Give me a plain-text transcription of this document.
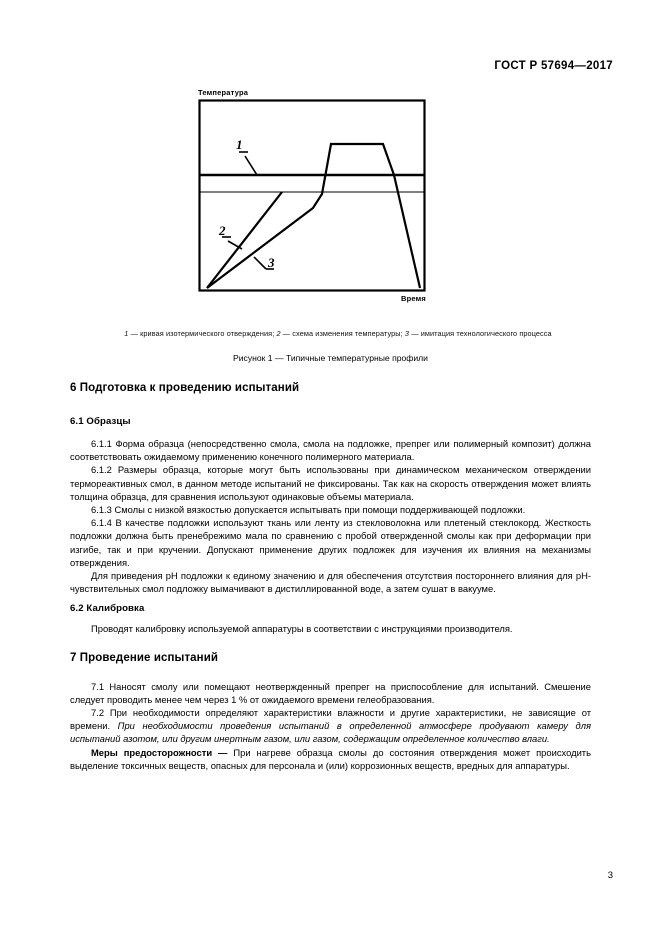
ГОСТ Р 57694—2017
Температура
1
2
3
Время
1 — кривая изотермического отверждения; 2 — схема изменения температуры; 3 — имитация технологического процесса
Рисунок 1 — Типичные температурные профили
6 Подготовка к проведению испытаний
6.1 Образцы

6.1.1 Форма образца (непосредственно смола, смола на подложке, препрег или полимерный композит) должна соответствовать ожидаемому применению конечного полимерного материала.

6.1.2 Размеры образца, которые могут быть использованы при динамическом механическом отверждении термореактивных смол, в данном методе испытаний не фиксированы. Так как на скорость отверждения может влиять толщина образца, для сравнения используют одинаковые объемы материала.

6.1.3 Смолы с низкой вязкостью допускается испытывать при помощи поддерживающей подложки.

6.1.4 В качестве подложки используют ткань или ленту из стекловолокна или плетеный стеклокорд. Жесткость подложки должна быть пренебрежимо мала по сравнению с пробой отвержденной смолы как при деформации при изгибе, так и при кручении. Допускают применение других подложек для изучения их влияния на механизмы отверждения.

Для приведения рН подложки к единому значению и для обеспечения отсутствия постороннего влияния для рН-чувствительных смол подложку вымачивают в дистиллированной воде, а затем сушат в вакууме.

6.2 Калибровка

Проводят калибровку используемой аппаратуры в соответствии с инструкциями производителя.

7 Проведение испытаний

7.1 Наносят смолу или помещают неотвержденный препрег на приспособление для испытаний. Смешение следует проводить менее чем через 1 % от ожидаемого времени гелеобразования.

7.2 При необходимости определяют характеристики влажности и другие характеристики, не зависящие от времени. При необходимости проведения испытаний в определенной атмосфере продувают камеру для испытаний азотом, или другим инертным газом, или газом, содержащим определенное количество влаги.

Меры предосторожности — При нагреве образца смолы до состояния отверждения может происходить выделение токсичных веществ, опасных для персонала и (или) коррозионных веществ, вредных для аппаратуры.

3
